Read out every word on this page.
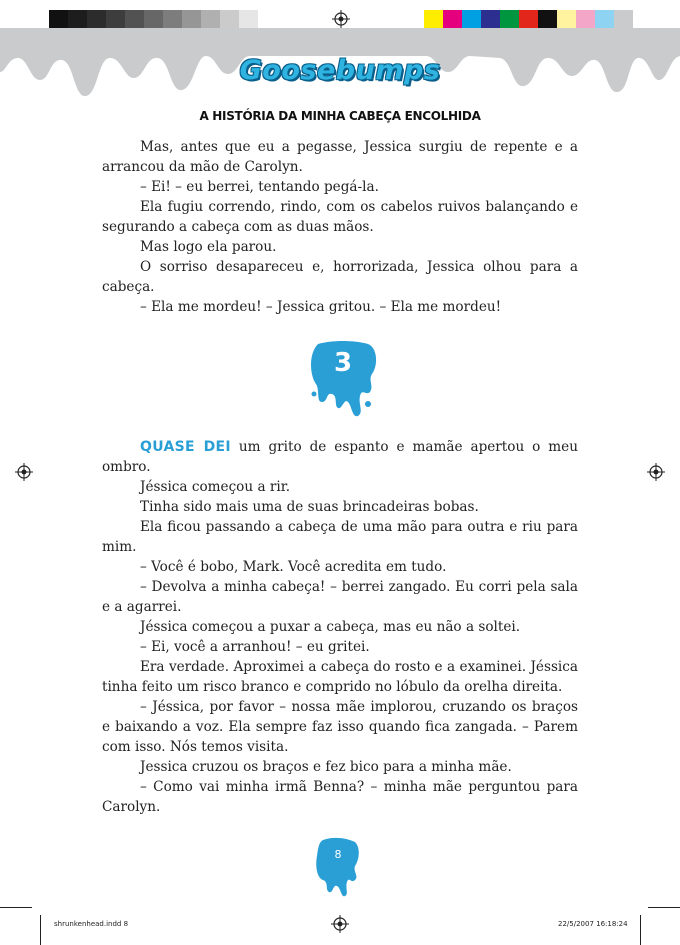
Goosebumps
A HISTÓRIA DA MINHA CABEÇA ENCOLHIDA

Mas, antes que eu a pegasse, Jessica surgiu de repente e a arrancou da mão de Carolyn.

– Ei! – eu berrei, tentando pegá-la.

Ela fugiu correndo, rindo, com os cabelos ruivos balançando e segurando a cabeça com as duas mãos.

Mas logo ela parou.

O sorriso desapareceu e, horrorizada, Jessica olhou para a cabeça.

– Ela me mordeu! – Jessica gritou. – Ela me mordeu!

3

QUASE DEI um grito de espanto e mamãe apertou o meu ombro.

Jéssica começou a rir.

Tinha sido mais uma de suas brincadeiras bobas.

Ela ficou passando a cabeça de uma mão para outra e riu para mim.

– Você é bobo, Mark. Você acredita em tudo.

– Devolva a minha cabeça! – berrei zangado. Eu corri pela sala e a agarrei.

Jéssica começou a puxar a cabeça, mas eu não a soltei.

– Ei, você a arranhou! – eu gritei.

Era verdade. Aproximei a cabeça do rosto e a examinei. Jéssica tinha feito um risco branco e comprido no lóbulo da orelha direita.

– Jéssica, por favor – nossa mãe implorou, cruzando os braços e baixando a voz. Ela sempre faz isso quando fica zangada. – Parem com isso. Nós temos visita.

Jessica cruzou os braços e fez bico para a minha mãe.

– Como vai minha irmã Benna? – minha mãe perguntou para Carolyn.

8
shrunkenhead.indd 8	22/5/2007 16:18:24
